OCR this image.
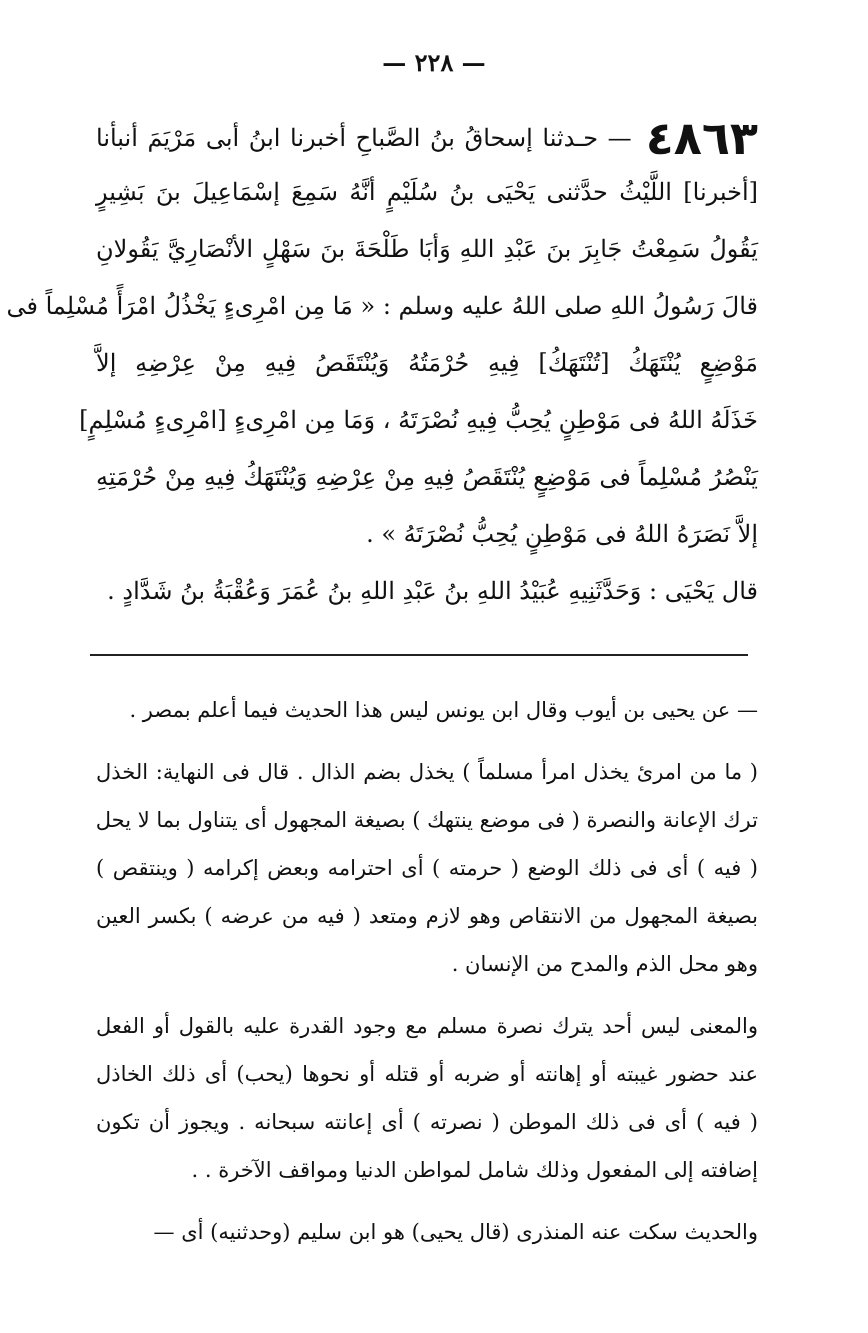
— ٢٢٨ —
٤٨٦٣
— حـدثنا إسحاقُ بنُ الصَّباحِ أخبرنا ابنُ أبى مَرْيَمَ أنبأنا
[أخبرنا] اللَّيْثُ حدَّثنى يَحْيَى بنُ سُلَيْمٍ أنَّهُ سَمِعَ إسْمَاعِيلَ بنَ بَشِيرٍ
يَقُولُ سَمِعْتُ جَابِرَ بنَ عَبْدِ اللهِ وَأبَا طَلْحَةَ بنَ سَهْلٍ الأنْصَارِيَّ يَقُولانِ
قالَ رَسُولُ اللهِ صلى اللهُ عليه وسلم : « مَا مِن امْرِىءٍ يَخْذُلُ امْرَأً مُسْلِماً فى
مَوْضِعٍ يُنْتَهَكُ [تُنْتَهَكُ] فِيهِ حُرْمَتُهُ وَيُنْتَقَصُ فِيهِ مِنْ عِرْضِهِ إلاَّ
خَذَلَهُ اللهُ فى مَوْطِنٍ يُحِبُّ فِيهِ نُصْرَتَهُ ، وَمَا مِن امْرِىءٍ [امْرِىءٍ مُسْلِمٍ]
يَنْصُرُ مُسْلِماً فى مَوْضِعٍ يُنْتَقَصُ فِيهِ مِنْ عِرْضِهِ وَيُنْتَهَكُ فِيهِ مِنْ حُرْمَتِهِ
إلاَّ نَصَرَهُ اللهُ فى مَوْطِنٍ يُحِبُّ نُصْرَتَهُ » .
قال يَحْيَى : وَحَدَّثَنِيهِ عُبَيْدُ اللهِ بنُ عَبْدِ اللهِ بنُ عُمَرَ وَعُقْبَةُ بنُ شَدَّادٍ .
— عن يحيى بن أيوب وقال ابن يونس ليس هذا الحديث فيما أعلم بمصر .
( ما من امرئ يخذل امرأ مسلماً ) يخذل بضم الذال . قال فى النهاية: الخذل
ترك الإعانة والنصرة ( فى موضع ينتهك ) بصيغة المجهول أى يتناول بما لا يحل
( فيه ) أى فى ذلك الوضع ( حرمته ) أى احترامه وبعض إكرامه ( وينتقص )
بصيغة المجهول من الانتقاص وهو لازم ومتعد ( فيه من عرضه ) بكسر العين
وهو محل الذم والمدح من الإنسان .
والمعنى ليس أحد يترك نصرة مسلم مع وجود القدرة عليه بالقول أو الفعل
عند حضور غيبته أو إهانته أو ضربه أو قتله أو نحوها (يحب) أى ذلك الخاذل
( فيه ) أى فى ذلك الموطن ( نصرته ) أى إعانته سبحانه . ويجوز أن تكون
إضافته إلى المفعول وذلك شامل لمواطن الدنيا ومواقف الآخرة . .
والحديث سكت عنه المنذرى (قال يحيى) هو ابن سليم (وحدثنيه) أى —
